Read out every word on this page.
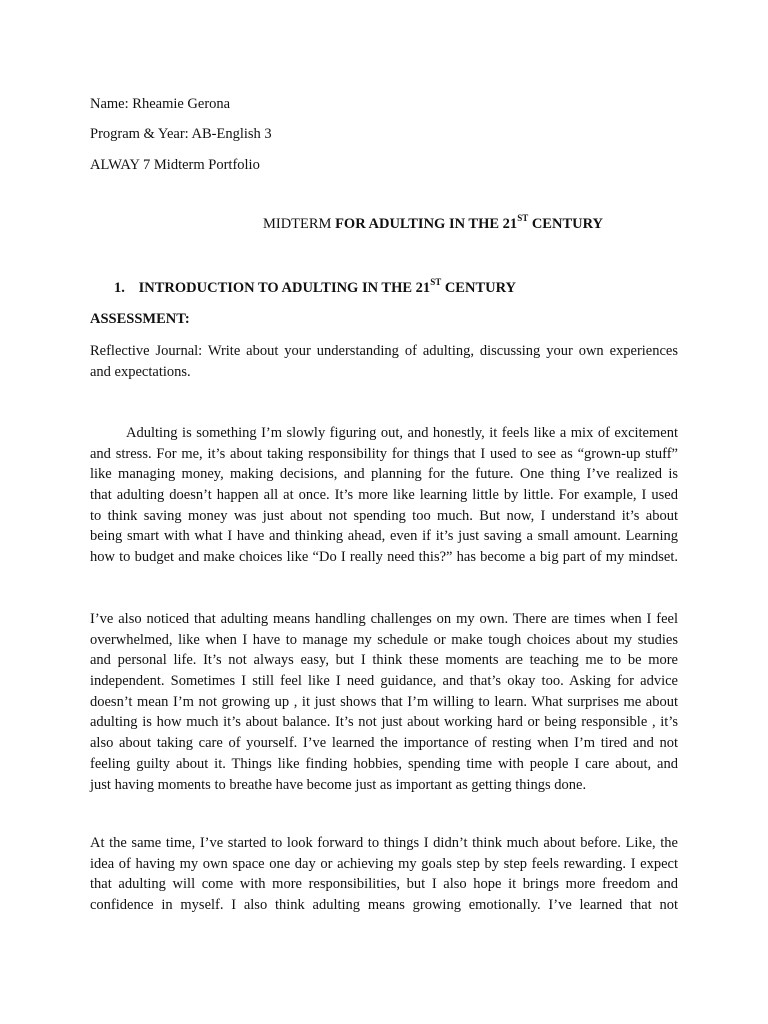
Name: Rheamie Gerona
Program & Year: AB-English 3
ALWAY 7 Midterm Portfolio
MIDTERM FOR ADULTING IN THE 21ST CENTURY
1. INTRODUCTION TO ADULTING IN THE 21ST CENTURY
ASSESSMENT:
Reflective Journal: Write about your understanding of adulting, discussing your own experiences
and expectations.
Adulting is something I’m slowly figuring out, and honestly, it feels like a mix of excitement
and stress. For me, it’s about taking responsibility for things that I used to see as “grown-up stuff”
like managing money, making decisions, and planning for the future. One thing I’ve realized is
that adulting doesn’t happen all at once. It’s more like learning little by little. For example, I used
to think saving money was just about not spending too much. But now, I understand it’s about
being smart with what I have and thinking ahead, even if it’s just saving a small amount. Learning
how to budget and make choices like “Do I really need this?” has become a big part of my mindset.
I’ve also noticed that adulting means handling challenges on my own. There are times when I feel
overwhelmed, like when I have to manage my schedule or make tough choices about my studies
and personal life. It’s not always easy, but I think these moments are teaching me to be more
independent. Sometimes I still feel like I need guidance, and that’s okay too. Asking for advice
doesn’t mean I’m not growing up , it just shows that I’m willing to learn. What surprises me about
adulting is how much it’s about balance. It’s not just about working hard or being responsible , it’s
also about taking care of yourself. I’ve learned the importance of resting when I’m tired and not
feeling guilty about it. Things like finding hobbies, spending time with people I care about, and
just having moments to breathe have become just as important as getting things done.
At the same time, I’ve started to look forward to things I didn’t think much about before. Like, the
idea of having my own space one day or achieving my goals step by step feels rewarding. I expect
that adulting will come with more responsibilities, but I also hope it brings more freedom and
confidence in myself. I also think adulting means growing emotionally. I’ve learned that not
